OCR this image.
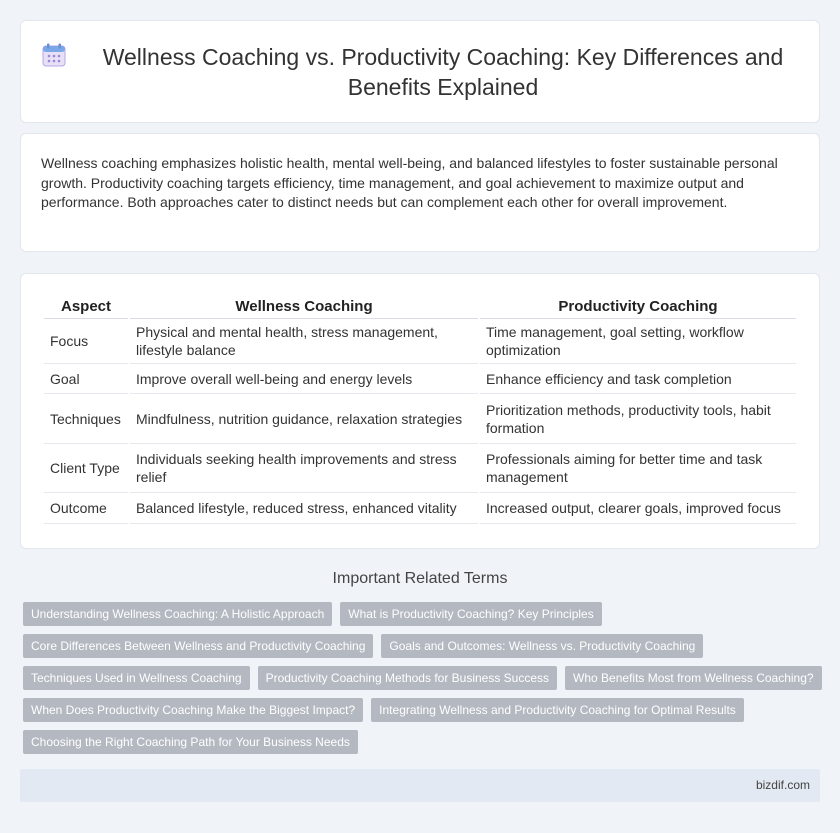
Wellness Coaching vs. Productivity Coaching: Key Differences and Benefits Explained

Wellness coaching emphasizes holistic health, mental well-being, and balanced lifestyles to foster sustainable personal growth. Productivity coaching targets efficiency, time management, and goal achievement to maximize output and performance. Both approaches cater to distinct needs but can complement each other for overall improvement.

Aspect	Wellness Coaching	Productivity Coaching
Focus	Physical and mental health, stress management, lifestyle balance	Time management, goal setting, workflow optimization
Goal	Improve overall well-being and energy levels	Enhance efficiency and task completion
Techniques	Mindfulness, nutrition guidance, relaxation strategies	Prioritization methods, productivity tools, habit formation
Client Type	Individuals seeking health improvements and stress relief	Professionals aiming for better time and task management
Outcome	Balanced lifestyle, reduced stress, enhanced vitality	Increased output, clearer goals, improved focus
Important Related Terms
Understanding Wellness Coaching: A Holistic Approach	What is Productivity Coaching? Key Principles
Core Differences Between Wellness and Productivity Coaching	Goals and Outcomes: Wellness vs. Productivity Coaching
Techniques Used in Wellness Coaching	Productivity Coaching Methods for Business Success	Who Benefits Most from Wellness Coaching?
When Does Productivity Coaching Make the Biggest Impact?	Integrating Wellness and Productivity Coaching for Optimal Results
Choosing the Right Coaching Path for Your Business Needs
bizdif.com
